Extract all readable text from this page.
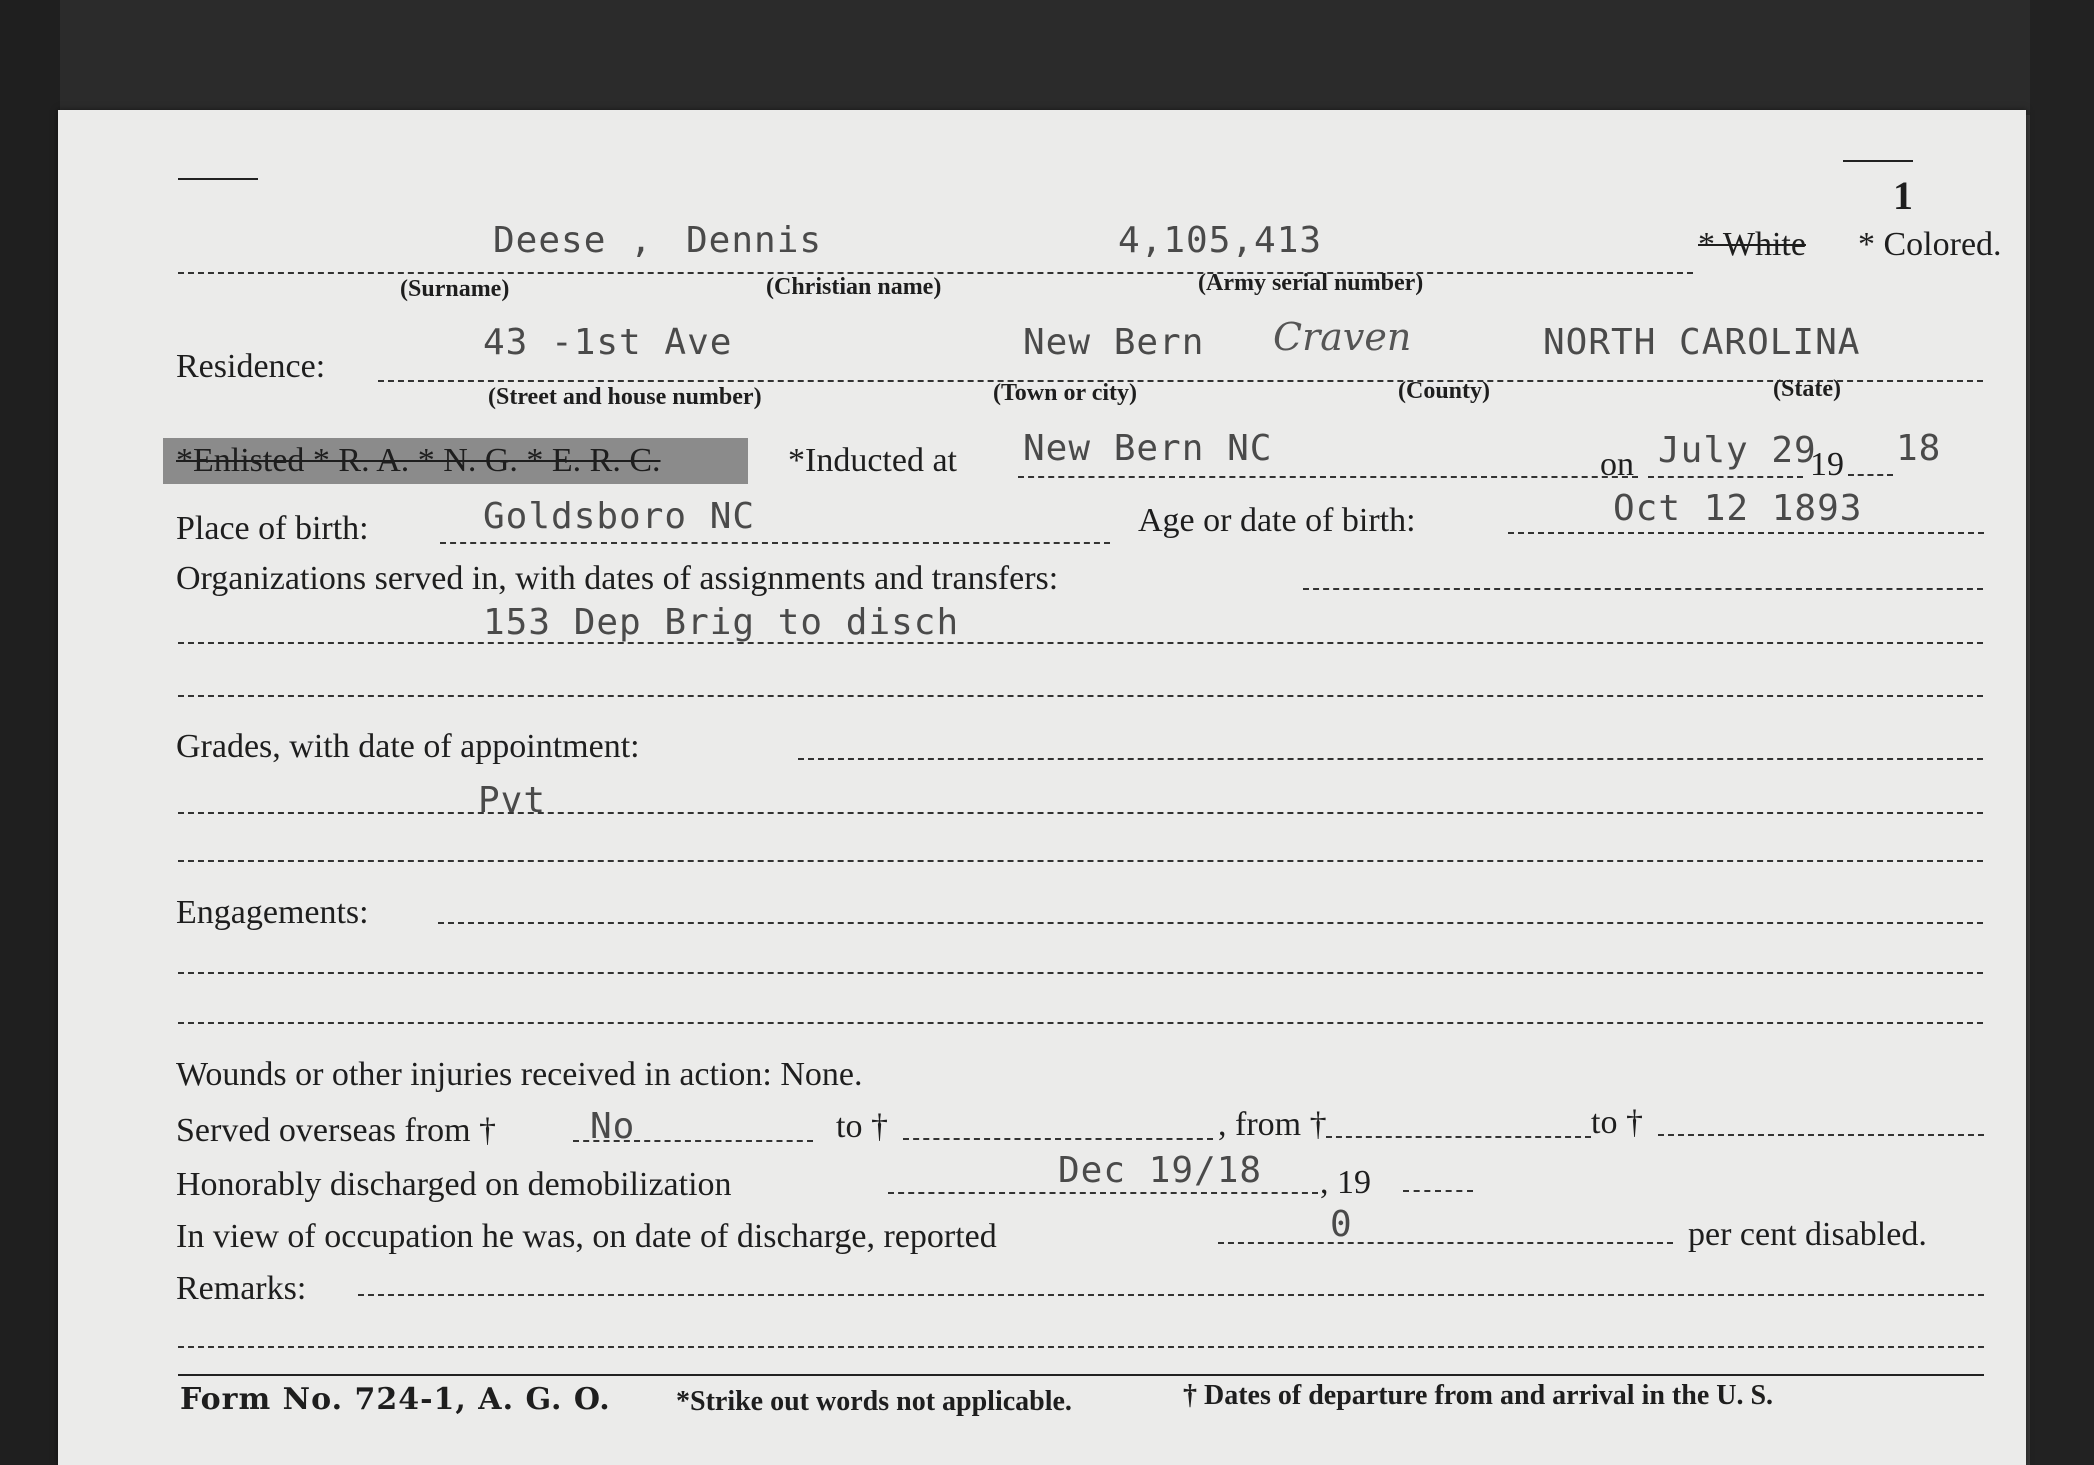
1
Deese , Dennis	4,105,413	* White * Colored.
(Surname)	(Christian name)	(Army serial number)
Residence:
43 -1st Ave	New Bern Craven	NORTH CAROLINA
(Street and house number)	(Town or city)	(County)	(State)
*Enlisted * R. A. * N. G. * E. R. C.	*Inducted at New Bern NC	on July 29
19 18
Place of birth:	Goldsboro NC	Age or date of birth:	Oct 12 1893
Organizations served in, with dates of assignments and transfers:
153 Dep Brig to disch
Grades, with date of appointment:
Pvt
Engagements:
Wounds or other injuries received in action: None.
Served overseas from †	No	to †	, from †	to †
Honorably discharged on demobilization	Dec 19/18 , 19
In view of occupation he was, on date of discharge, reported	0	per cent disabled.
Remarks:
Form No. 724-1, A. G. O. *Strike out words not applicable.	† Dates of departure from and arrival in the U. S.
